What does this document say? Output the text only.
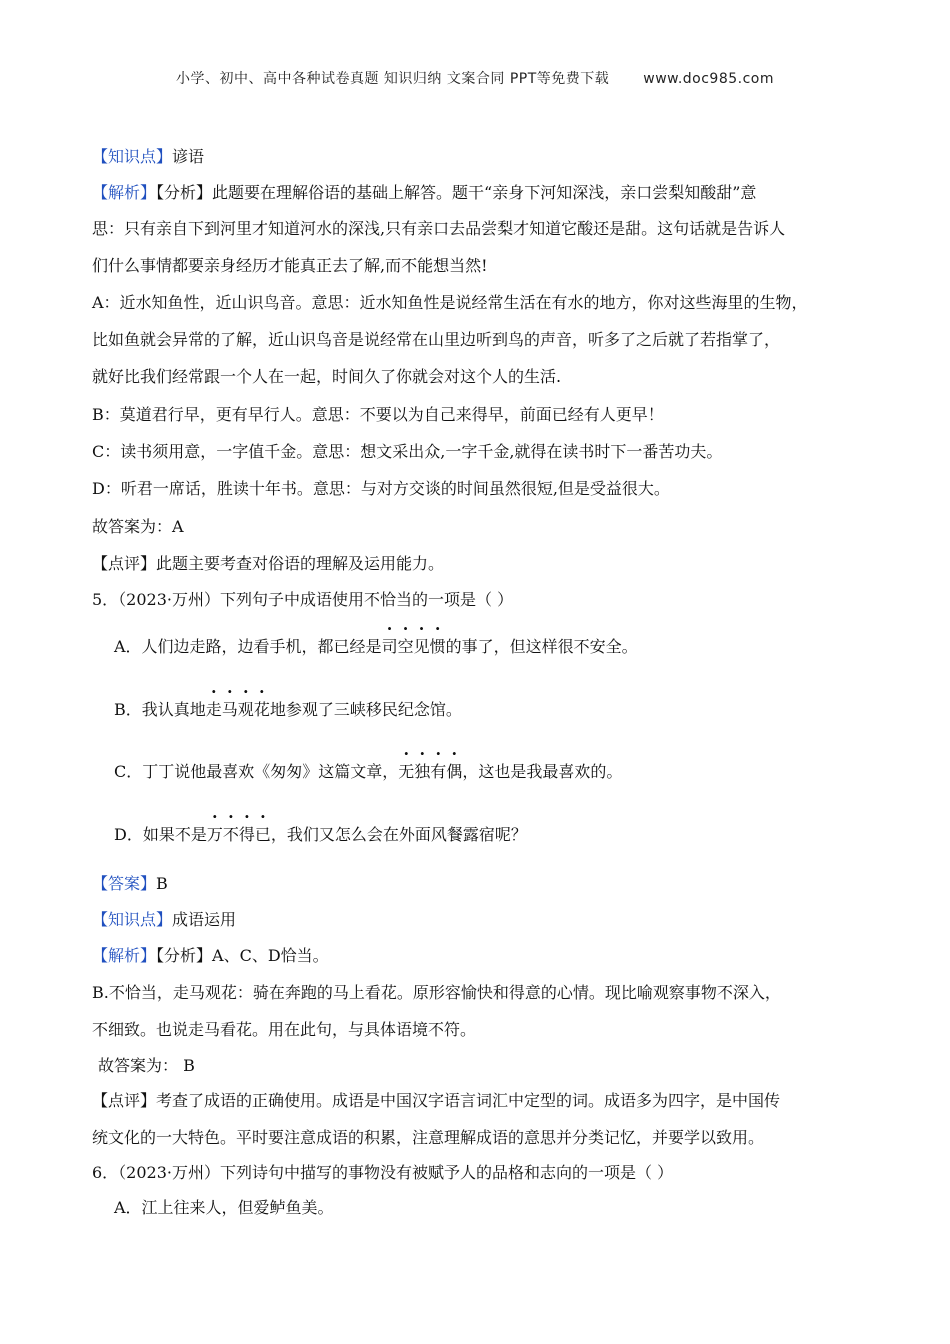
小学、初中、高中各种试卷真题 知识归纳 文案合同 PPT等免费下载 www.doc985.com
【知识点】谚语
【解析】【分析】此题要在理解俗语的基础上解答。题干“亲身下河知深浅，亲口尝梨知酸甜”意
思：只有亲自下到河里才知道河水的深浅,只有亲口去品尝梨才知道它酸还是甜。这句话就是告诉人
们什么事情都要亲身经历才能真正去了解,而不能想当然!
A：近水知鱼性，近山识鸟音。意思：近水知鱼性是说经常生活在有水的地方，你对这些海里的生物，
比如鱼就会异常的了解，近山识鸟音是说经常在山里边听到鸟的声音，听多了之后就了若指掌了，
就好比我们经常跟一个人在一起，时间久了你就会对这个人的生活.
B：莫道君行早，更有早行人。意思：不要以为自己来得早，前面已经有人更早！
C：读书须用意，一字值千金。意思：想文采出众,一字千金,就得在读书时下一番苦功夫。
D：听君一席话，胜读十年书。意思：与对方交谈的时间虽然很短,但是受益很大。
故答案为：A
【点评】此题主要考查对俗语的理解及运用能力。
5．（2023·万州）下列句子中成语使用不恰当的一项是（ ）
A．人们边走路，边看手机，都已经是司空见惯的事了，但这样很不安全。
B．我认真地走马观花地参观了三峡移民纪念馆。
C．丁丁说他最喜欢《匆匆》这篇文章，无独有偶，这也是我最喜欢的。
D．如果不是万不得已，我们又怎么会在外面风餐露宿呢？
【答案】B
【知识点】成语运用
【解析】【分析】A、C、D恰当。
B.不恰当，走马观花：骑在奔跑的马上看花。原形容愉快和得意的心情。现比喻观察事物不深入，
不细致。也说走马看花。用在此句，与具体语境不符。
故答案为： B
【点评】考查了成语的正确使用。成语是中国汉字语言词汇中定型的词。成语多为四字，是中国传
统文化的一大特色。平时要注意成语的积累，注意理解成语的意思并分类记忆，并要学以致用。
6．（2023·万州）下列诗句中描写的事物没有被赋予人的品格和志向的一项是（ ）
A．江上往来人，但爱鲈鱼美。
